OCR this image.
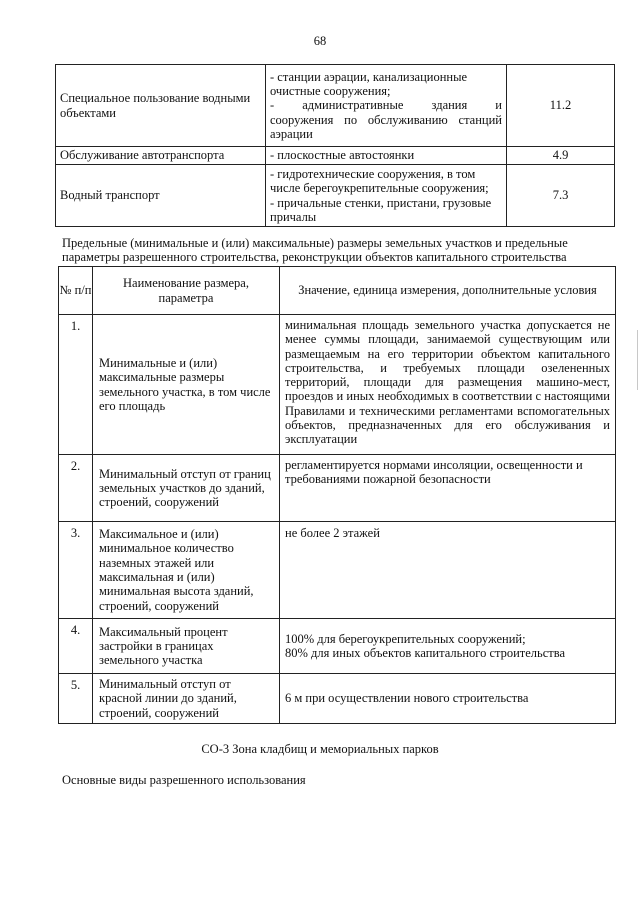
68
Специальное пользование водными объектами	- станции аэрации, канализационные
очистные сооружения;
- административные здания и
сооружения по обслуживанию станций
аэрации	11.2
Обслуживание автотранспорта	- плоскостные автостоянки	4.9
Водный транспорт	- гидротехнические сооружения, в том
числе берегоукрепительные сооружения;
- причальные стенки, пристани, грузовые
причалы	7.3
Предельные (минимальные и (или) максимальные) размеры земельных участков и предельные параметры разрешенного строительства, реконструкции объектов капитального строительства
№ п/п	Наименование размера, параметра	Значение, единица измерения, дополнительные условия
1.	Минимальные и (или) максимальные размеры земельного участка, в том числе его площадь	минимальная площадь земельного участка допускается не менее суммы площади, занимаемой существующим или размещаемым на его территории объектом капитального строительства, и требуемых площади озелененных территорий, площади для размещения машино-мест, проездов и иных необходимых в соответствии с настоящими Правилами и техническими регламентами вспомогательных объектов, предназначенных для его обслуживания и эксплуатации
2.	Минимальный отступ от границ земельных участков до зданий, строений, сооружений	регламентируется нормами инсоляции, освещенности и требованиями пожарной безопасности
3.	Максимальное и (или) минимальное количество наземных этажей или максимальная и (или) минимальная высота зданий, строений, сооружений	не более 2 этажей
4.	Максимальный процент застройки в границах земельного участка	100% для берегоукрепительных сооружений;
80% для иных объектов капитального строительства

5.	Минимальный отступ от красной линии до зданий, строений, сооружений	6 м при осуществлении нового строительства
СО-3 Зона кладбищ и мемориальных парков
Основные виды разрешенного использования
